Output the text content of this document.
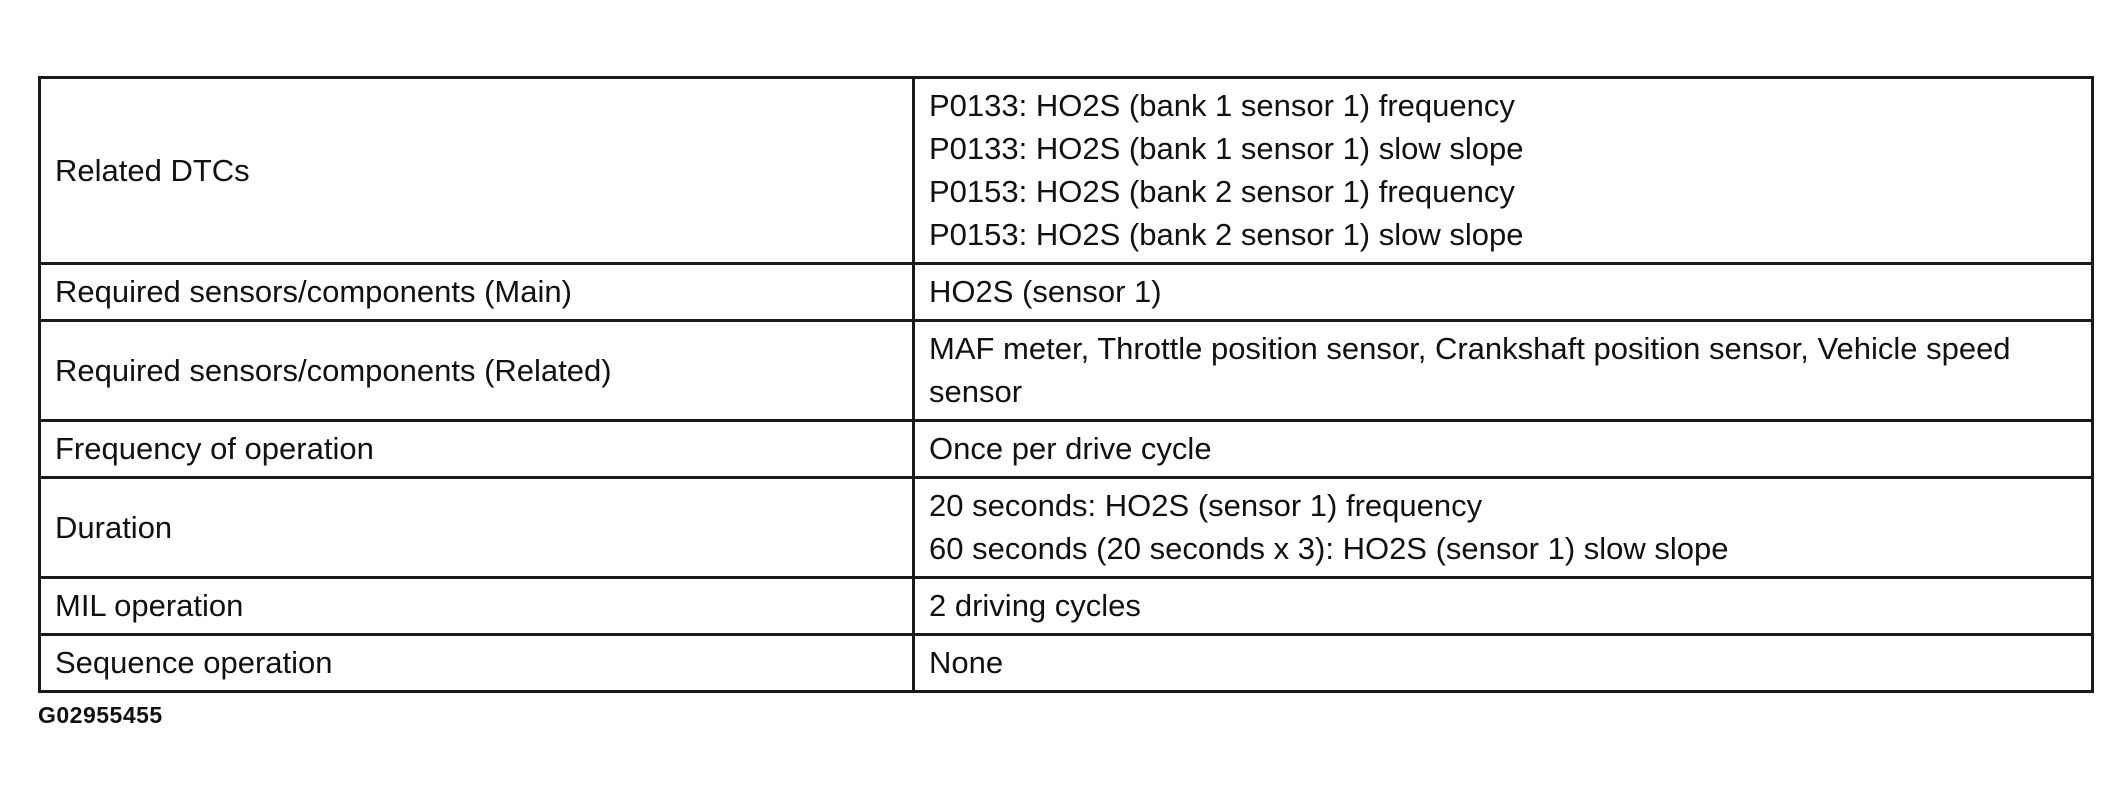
Related DTCs	P0133: HO2S (bank 1 sensor 1) frequency
P0133: HO2S (bank 1 sensor 1) slow slope
P0153: HO2S (bank 2 sensor 1) frequency
P0153: HO2S (bank 2 sensor 1) slow slope

Required sensors/components (Main)	HO2S (sensor 1)

Required sensors/components (Related)	MAF meter, Throttle position sensor, Crankshaft position sensor, Vehicle speed sensor

Frequency of operation	Once per drive cycle

Duration	20 seconds: HO2S (sensor 1) frequency
60 seconds (20 seconds x 3): HO2S (sensor 1) slow slope

MIL operation	2 driving cycles

Sequence operation	None
G02955455
